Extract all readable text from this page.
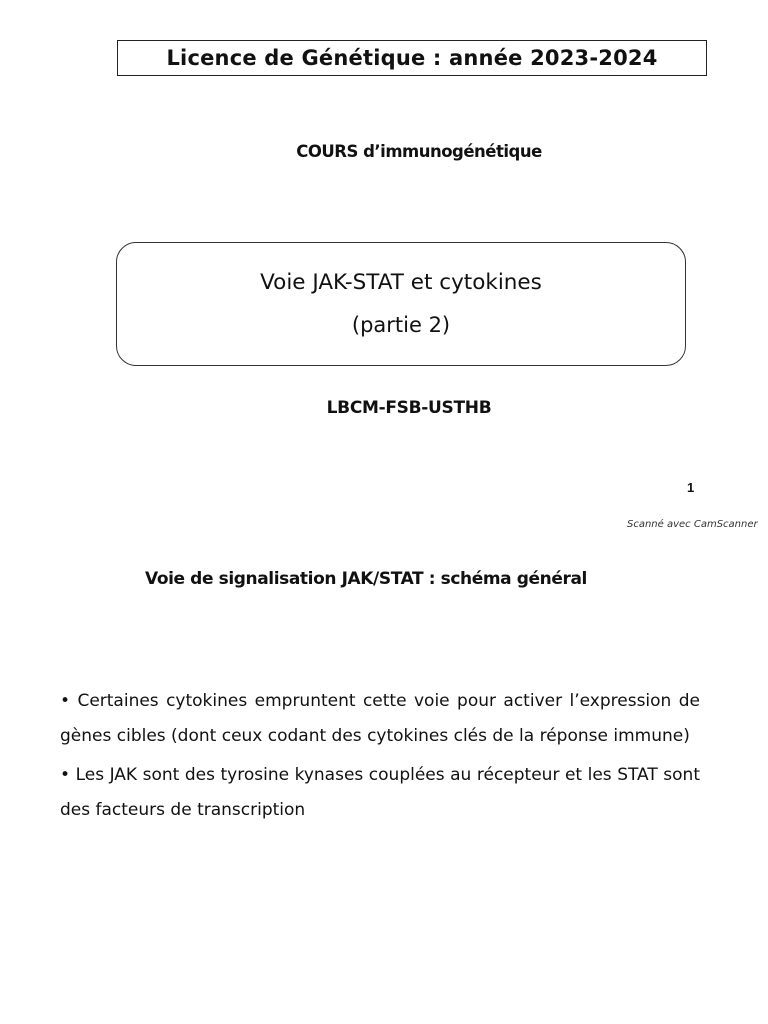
Licence de Génétique : année 2023-2024
COURS d’immunogénétique
Voie JAK-STAT et cytokines
(partie 2)
LBCM-FSB-USTHB
1
Scanné avec CamScanner
Voie de signalisation JAK/STAT : schéma général

• Certaines cytokines empruntent cette voie pour activer l’expression de gènes cibles (dont ceux codant des cytokines clés de la réponse immune)

• Les JAK sont des tyrosine kynases couplées au récepteur et les STAT sont des facteurs de transcription
